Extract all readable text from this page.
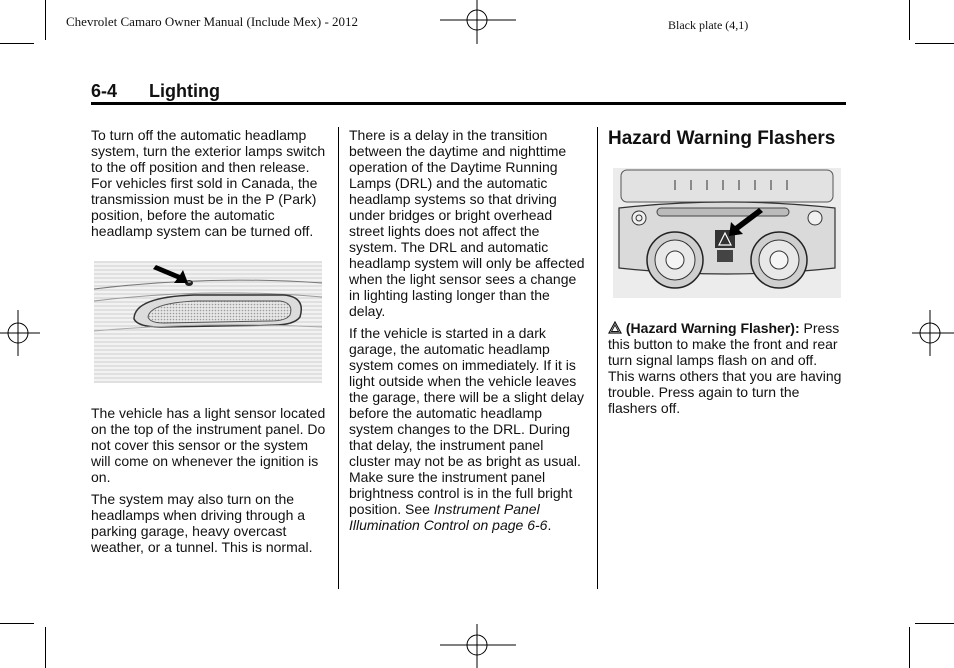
Chevrolet Camaro Owner Manual (Include Mex) - 2012	Black plate (4,1)
6-4 Lighting

To turn off the automatic headlamp system, turn the exterior lamps switch to the off position and then release. For vehicles first sold in Canada, the transmission must be in the P (Park) position, before the automatic headlamp system can be turned off.

The vehicle has a light sensor located on the top of the instrument panel. Do not cover this sensor or the system will come on whenever the ignition is on.

The system may also turn on the headlamps when driving through a parking garage, heavy overcast weather, or a tunnel. This is normal.

There is a delay in the transition between the daytime and nighttime operation of the Daytime Running Lamps (DRL) and the automatic headlamp systems so that driving under bridges or bright overhead street lights does not affect the system. The DRL and automatic headlamp system will only be affected when the light sensor sees a change in lighting lasting longer than the delay.

If the vehicle is started in a dark garage, the automatic headlamp system comes on immediately. If it is light outside when the vehicle leaves the garage, there will be a slight delay before the automatic headlamp system changes to the DRL. During that delay, the instrument panel cluster may not be as bright as usual. Make sure the instrument panel brightness control is in the full bright position. See Instrument Panel Illumination Control on page 6-6.

Hazard Warning Flashers

(Hazard Warning Flasher): Press this button to make the front and rear turn signal lamps flash on and off. This warns others that you are having trouble. Press again to turn the flashers off.
